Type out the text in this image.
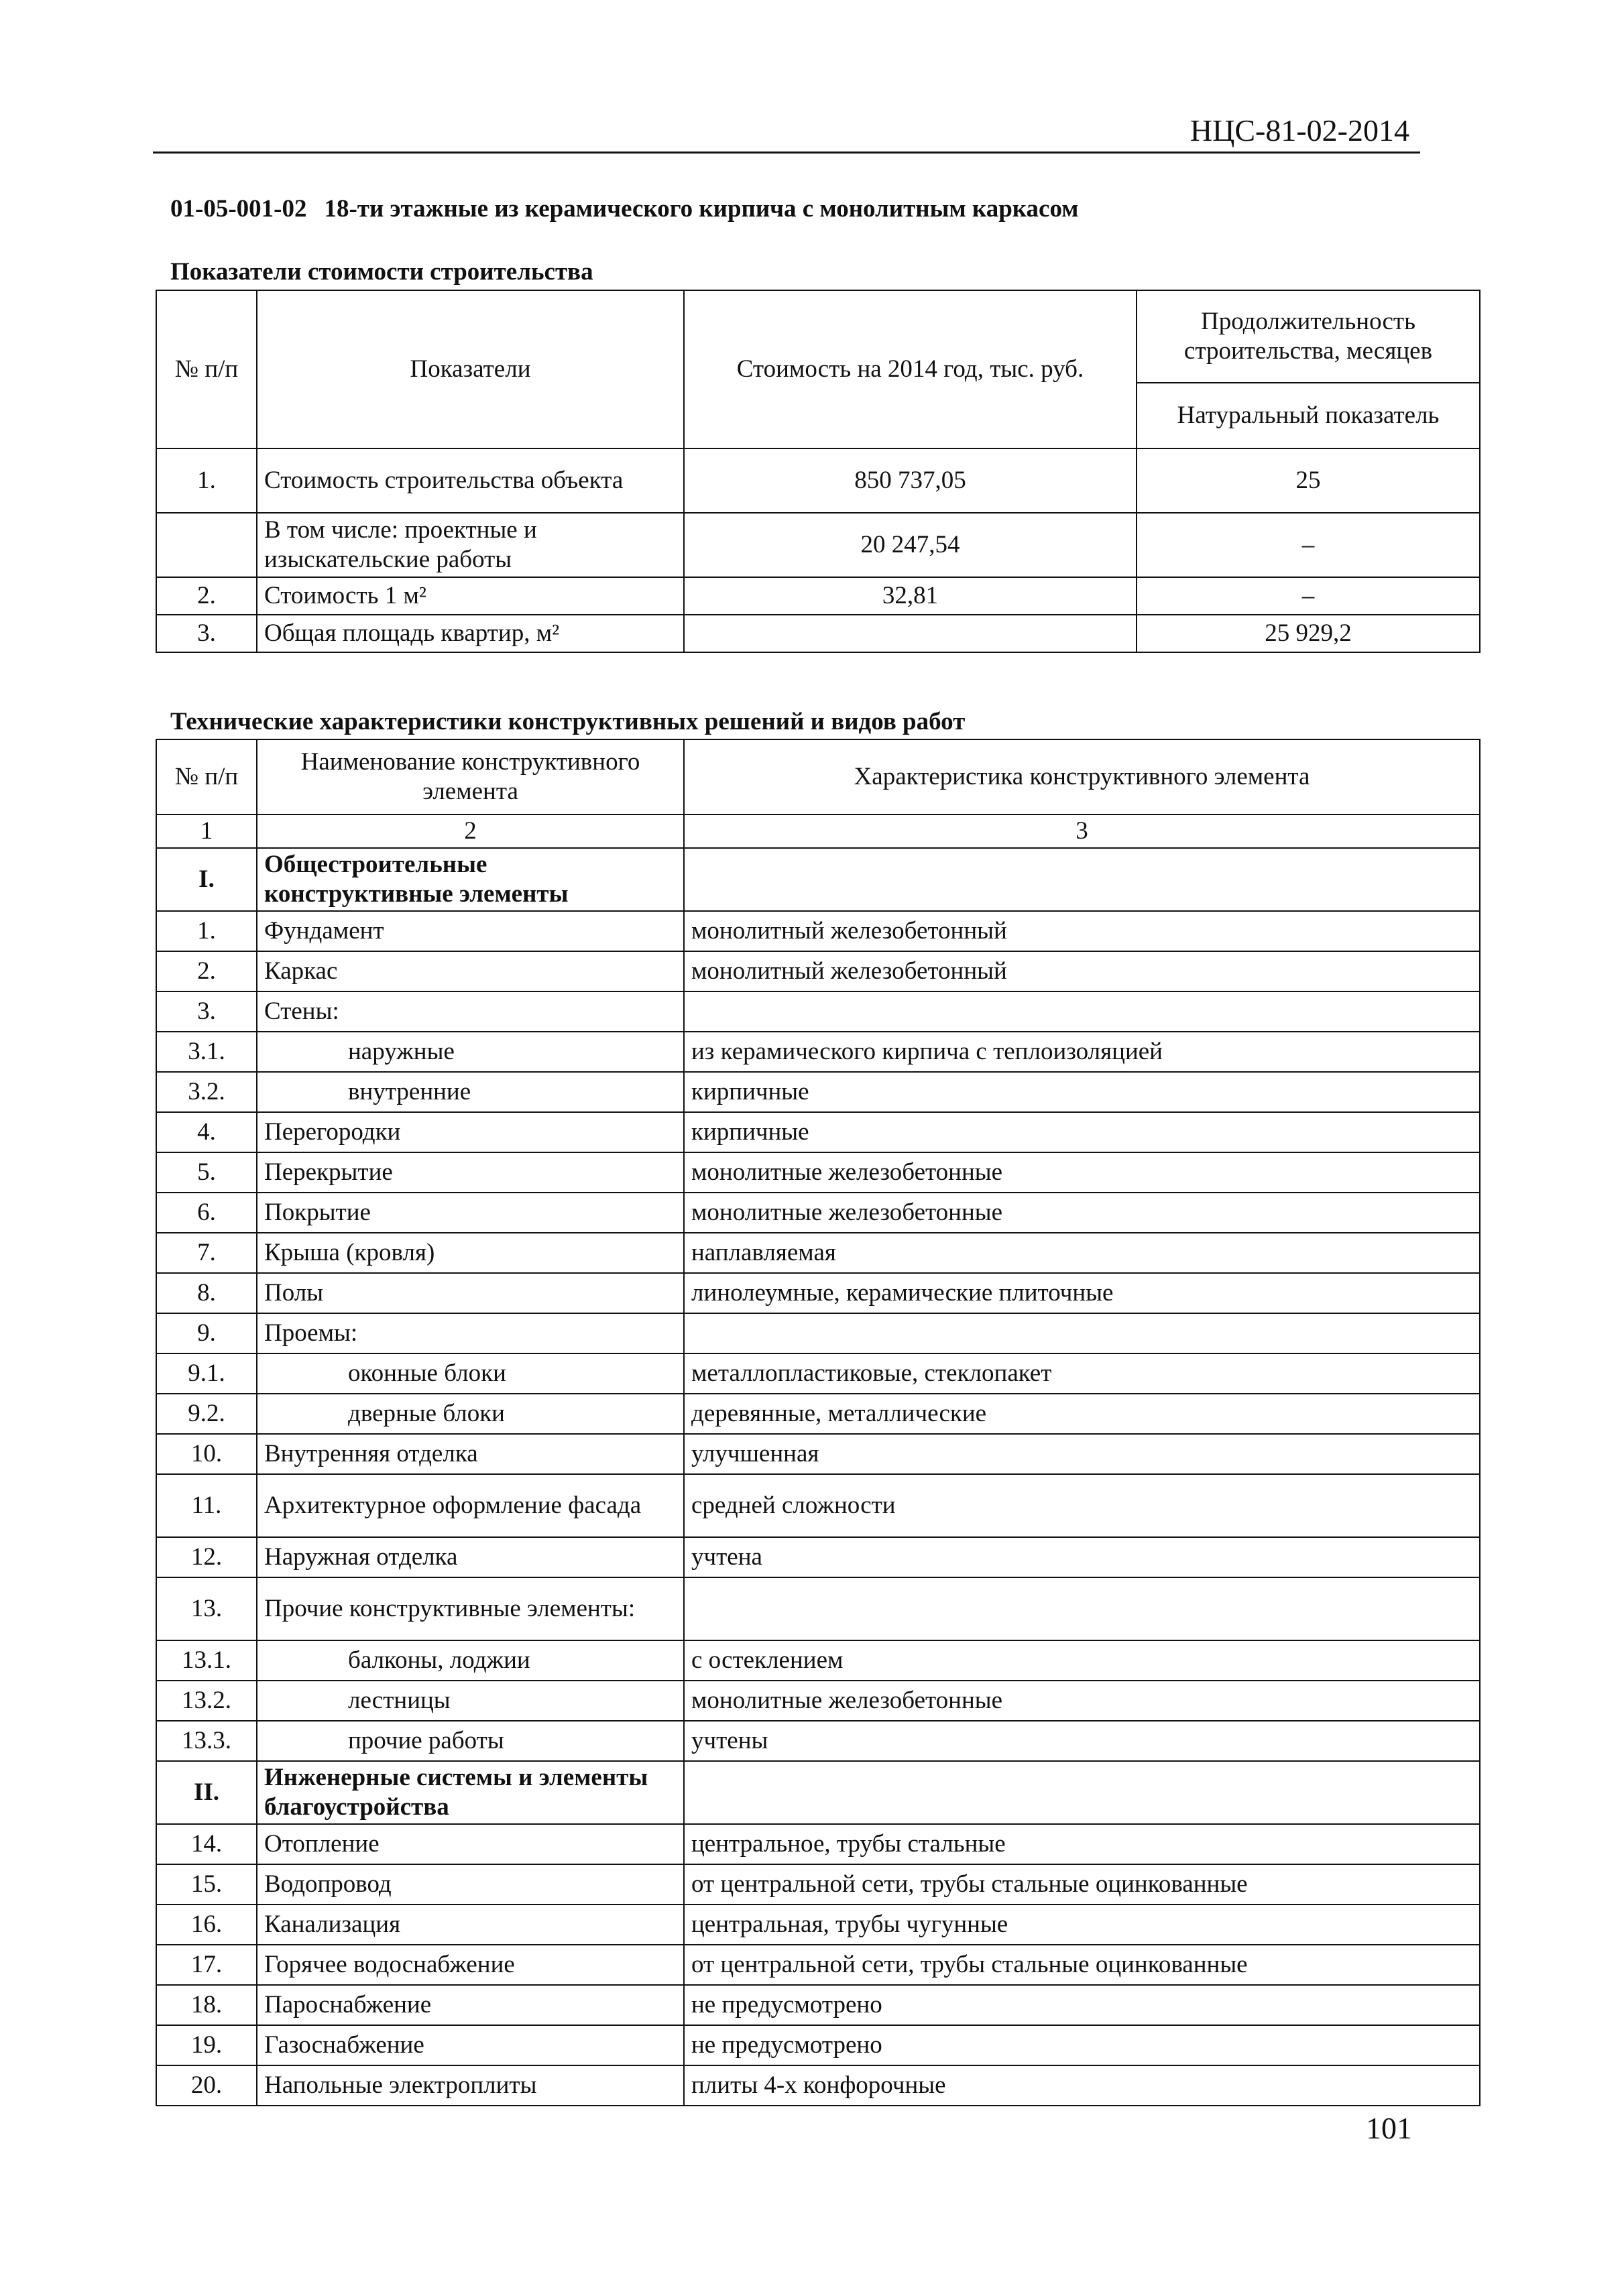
НЦС-81-02-2014
01-05-001-02 18-ти этажные из керамического кирпича с монолитным каркасом
Показатели стоимости строительства
№ п/п	Показатели	Стоимость на 2014 год, тыс. руб.	Продолжительность строительства, месяцев
			Натуральный показатель
1.	Стоимость строительства объекта	850 737,05	25
	В том числе: проектные и изыскательские работы	20 247,54	–
2.	Стоимость 1 м²	32,81	–
3.	Общая площадь квартир, м²		25 929,2
Технические характеристики конструктивных решений и видов работ
№ п/п	Наименование конструктивного элемента	Характеристика конструктивного элемента
1	2	3
I.	Общестроительные конструктивные элементы	
1.	Фундамент	монолитный железобетонный
2.	Каркас	монолитный железобетонный
3.	Стены:	
3.1.	наружные	из керамического кирпича с теплоизоляцией
3.2.	внутренние	кирпичные
4.	Перегородки	кирпичные
5.	Перекрытие	монолитные железобетонные
6.	Покрытие	монолитные железобетонные
7.	Крыша (кровля)	наплавляемая
8.	Полы	линолеумные, керамические плиточные
9.	Проемы:	
9.1.	оконные блоки	металлопластиковые, стеклопакет
9.2.	дверные блоки	деревянные, металлические
10.	Внутренняя отделка	улучшенная
11.	Архитектурное оформление фасада	средней сложности
12.	Наружная отделка	учтена
13.	Прочие конструктивные элементы:	
13.1.	балконы, лоджии	с остеклением
13.2.	лестницы	монолитные железобетонные
13.3.	прочие работы	учтены
II.	Инженерные системы и элементы благоустройства	
14.	Отопление	центральное, трубы стальные
15.	Водопровод	от центральной сети, трубы стальные оцинкованные
16.	Канализация	центральная, трубы чугунные
17.	Горячее водоснабжение	от центральной сети, трубы стальные оцинкованные
18.	Пароснабжение	не предусмотрено
19.	Газоснабжение	не предусмотрено
20.	Напольные электроплиты	плиты 4-х конфорочные
101
